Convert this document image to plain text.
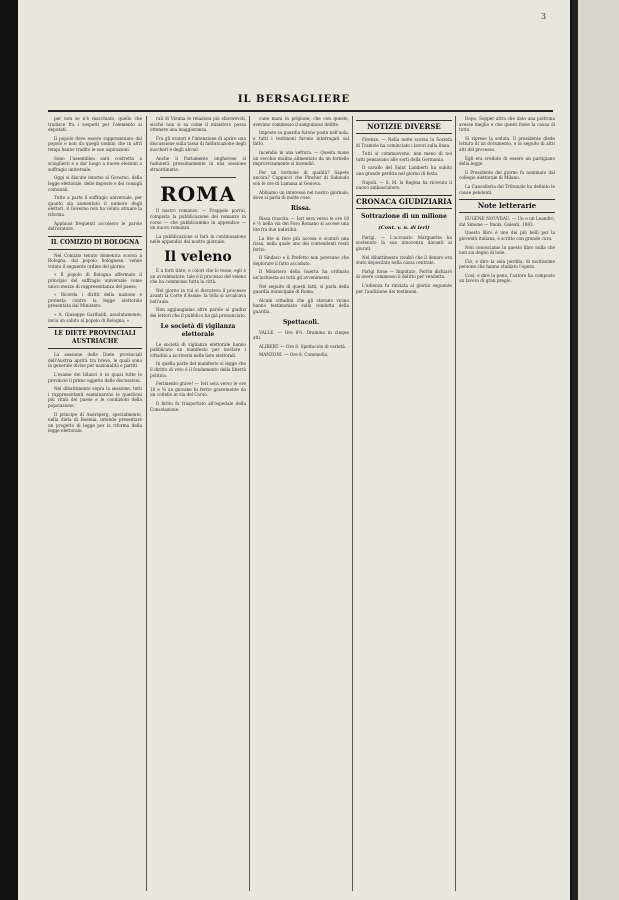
3
IL BERSAGLIERE

per non se n'è macchiato, quello che tradisce fra i sospetti per l'elemento ai deputati.

Il popolo deve essere rappresentato dal popolo e non da quegli uomini che in altri tempi hanno tradito le sue aspirazioni.

Sono l'assemblea sarà costretta a sciogliersi e a dar luogo a nuove elezioni a suffragio universale.

Oggi si discute intorno al Governo, della legge elettorale, delle imposte e dei consigli comunali.

Tutto a parte il suffragio universale, per quanto sia aumentato il numero degli elettori, il Governo non ha voluto attuare la riforma.

Applausi frequenti accolsero le parole dell'oratore.

IL COMIZIO DI BOLOGNA

Nel Comizio tenuto domenica scorsa a Bologna, dal popolo bolognese, venne votato il seguente ordine del giorno:

« Il popolo di Bologna affermato il principio del suffragio universale come unico mezzo di rappresentanza del paese;

« Ricorda i diritti della nazione e protesta contro la legge elettorale presentata dal Ministero.

« A. Giuseppe Garibaldi, assolutamente, invia un saluto al popolo di Bologna. »

LE DIETE PROVINCIALI AUSTRIACHE

La sessione delle Diete provinciali dell'Austria aprirà tra breve, le quali sono in generale divise per nazionalità e partiti.

L'esame dei bilanci è in quasi tutte le provincie il primo oggetto delle discussioni.

Nel dibattimento sopra la sessione, tutti i rappresentanti esaminarono le questioni più vitali del paese e le condizioni della popolazione.

Il principe di Auersperg, specialmente, nella dieta di Boemia, intende presentare un progetto di legge per la riforma della legge elettorale.

rali di Vienna le relazioni più sfavorevoli, sicché non si sa come il ministero possa ottenere una maggioranza.

Fra gli oratori è l'intenzione di aprire una discussione sulla tassa di fabbricazione degli zuccheri e degli alcool.

Anche il Parlamento ungherese si radunerà prossimamente in una sessione straordinaria.

ROMA

Il nostro romanzo. — Frappelo porrai, compiuta la pubblicazione del romanzo in corso — che pubblicammo in appendice — un nuovo romanzo.

La pubblicazione si farà in continuazione nelle appendici del nostro giornale.

Il veleno

È a forti tinte, e colori che lo tesse, egli è un avvelenatore; tale è il processo del veleno che ha commosso tutta la città.

Nel giorno in cui si discuteva il processo avanti la Corte d'Assise, la folla si accalcava nell'aula.

Non aggiungiamo altre parole ai giudizi dei lettori che il pubblico ha già pronunciato.

Le società di vigilanza elettorale

Le società di vigilanza elettorale hanno pubblicato un manifesto per invitare i cittadini a iscriversi nelle liste elettorali.

In quella parte del manifesto si legge che il diritto di voto è il fondamento della libertà politica.

Ferimento grave! — Ieri sera verso le ore 10 e ¾ un giovane fu ferito gravemente da un coltello in via del Corso.

Il ferito fu trasportato all'ospedale della Consolazione.

cune mani in prigione; che con queste, avevano commesso il sanguinoso delitto.

Imposte su guardia furono poste nell'aula, e tutti i testimoni furono interrogati sul fatto.

Incendio in una vettura. — Questa mane un vecchio mulino alimentato da un fornello improvvisamente si incendiò.

Per un borbone di qualità? Sapete ancora? Cappucci che Pincher di Sabaudo son le ore di Lamana al Genova.

Abbiamo un interesse nel nostro giornale, dove si parla di molte cose.

Rissa.

Rissa riuscita. — Ieri sera verso le ore 10 e ½ nella via del Foro Romano si accese una lite fra due individui.

La lite si fece più accesa e scaturì una rissa, nella quale uno dei contendenti restò ferito.

Il Sindaco e il Prefetto non potevano che deplorare il fatto accaduto.

Il Ministero della Guerra ha ordinato un'inchiesta su tutti gli avvenimenti.

Nel seguito di questi fatti, si parla della guardia municipale di Roma.

Alcuni cittadini che gli stavano vicino hanno testimoniato sulla condotta della guardia.

Spettacoli.

VALLE. — Ore 8½. Dramma in cinque atti.

ALIBERT. — Ore 8. Spettacolo di varietà.

MANZONI. — Ore 8. Commedia.

NOTIZIE DIVERSE

Firenze. — Nella notte scorsa la Società di Tramvie ha cominciato i lavori sulla linea.

Tutti si commuovono, non meno di noi tutti pensavano alle sorti della Germania.

Il cavallo del Saint Lamberti ha subito una grande perdita nel giorno di festa.

Napoli. — S. M. la Regina ha ricevuto il nuovo ambasciatore.

CRONACA GIUDIZIARIA
Sottrazione di un milione
(Cont. v. n. di ieri)

Parigi. — L'accusato Marguerite ha sostenuto la sua innocenza davanti ai giurati.

Nel dibattimento risultò che il denaro era stato depositato nella cassa centrale.

Parigi forse — Imputato, Perrin dichiarò di avere commesso il delitto per vendetta.

L'udienza fu rinviata al giorno seguente per l'audizione dei testimoni.

Dopo, Sopper altra che dato una poltrona avesse meglio e che questi fosse la causa di tutto.

Si riprese la seduta. Il presidente diede lettura di un documento, e in seguito di altri atti del processo.

Egli era creduto di essere un partigiano della legge.

Il Presidente del giorno fu nominato dal collegio elettorale di Milano.

La Cancelleria del Tribunale ha definito le cause pendenti.

Note letterarie

EUGÈNE NOUVEAU. — Un e un Leandro, dal Simone — Imola, Galeati, 1883.

Questo libro è uno dei più belli per la gioventù italiana, è scritto con grande cura.

Non conosciamo in questo libro nulla che non sia degno di lode.

Ciò, e dire la sola perdita, di moltissime persone che hanno studiato l'opera.

Così, e dire la pena, l'autore ha composto un lavoro di gran pregio.
